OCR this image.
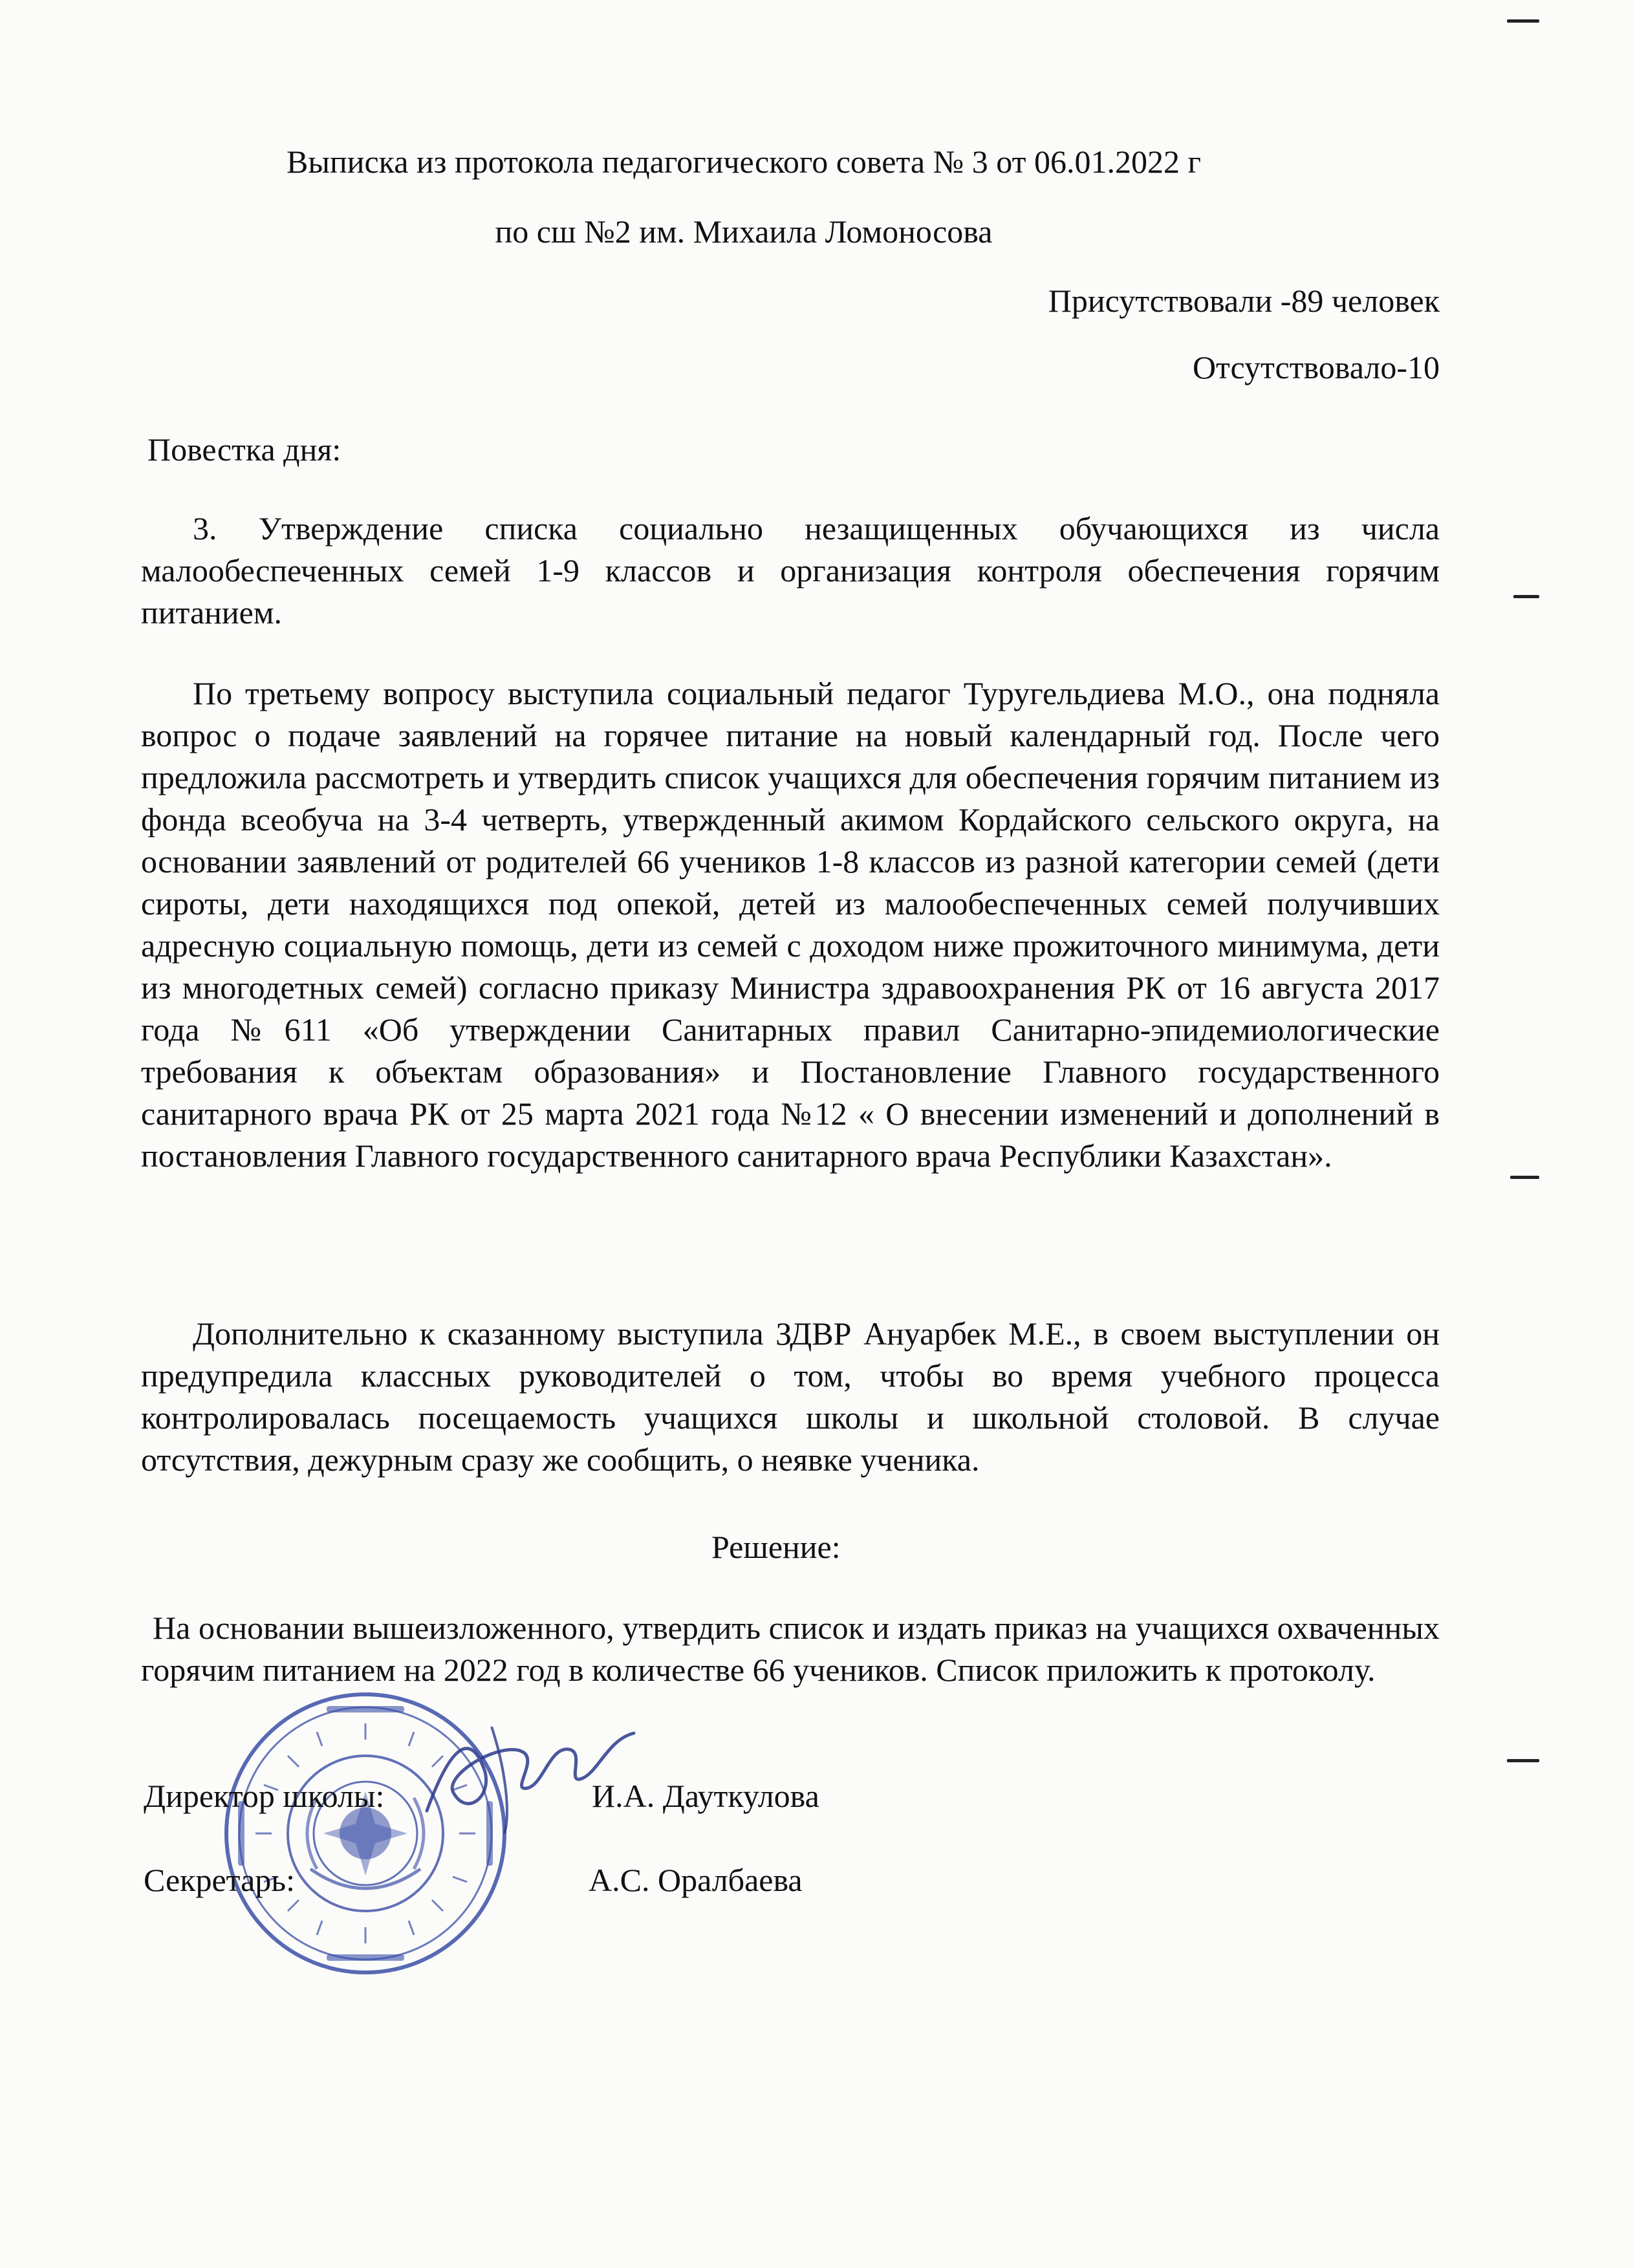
Выписка из протокола педагогического совета № 3 от 06.01.2022 г
по сш №2 им. Михаила Ломоносова
Присутствовали -89 человек
Отсутствовало-10
Повестка дня:

3. Утверждение списка социально незащищенных обучающихся из числа малообеспеченных семей 1-9 классов и организация контроля обеспечения горячим питанием.

По третьему вопросу выступила социальный педагог Туругельдиева М.О., она подняла вопрос о подаче заявлений на горячее питание на новый календарный год. После чего предложила рассмотреть и утвердить список учащихся для обеспечения горячим питанием из фонда всеобуча на 3-4 четверть, утвержденный акимом Кордайского сельского округа, на основании заявлений от родителей 66 учеников 1-8 классов из разной категории семей (дети сироты, дети находящихся под опекой, детей из малообеспеченных семей получивших адресную социальную помощь, дети из семей с доходом ниже прожиточного минимума, дети из многодетных семей) согласно приказу Министра здравоохранения РК от 16 августа 2017 года №611 «Об утверждении Санитарных правил Санитарно-эпидемиологические требования к объектам образования» и Постановление Главного государственного санитарного врача РК от 25 марта 2021 года №12 « О внесении изменений и дополнений в постановления Главного государственного санитарного врача Республики Казахстан».

Дополнительно к сказанному выступила ЗДВР Ануарбек М.Е., в своем выступлении он предупредила классных руководителей о том, чтобы во время учебного процесса контролировалась посещаемость учащихся школы и школьной столовой. В случае отсутствия, дежурным сразу же сообщить, о неявке ученика.

Решение:

На основании вышеизложенного, утвердить список и издать приказ на учащихся охваченных горячим питанием на 2022 год в количестве 66 учеников. Список приложить к протоколу.

Директор школы:	И.А. Дауткулова
Секретарь:	А.С. Оралбаева
